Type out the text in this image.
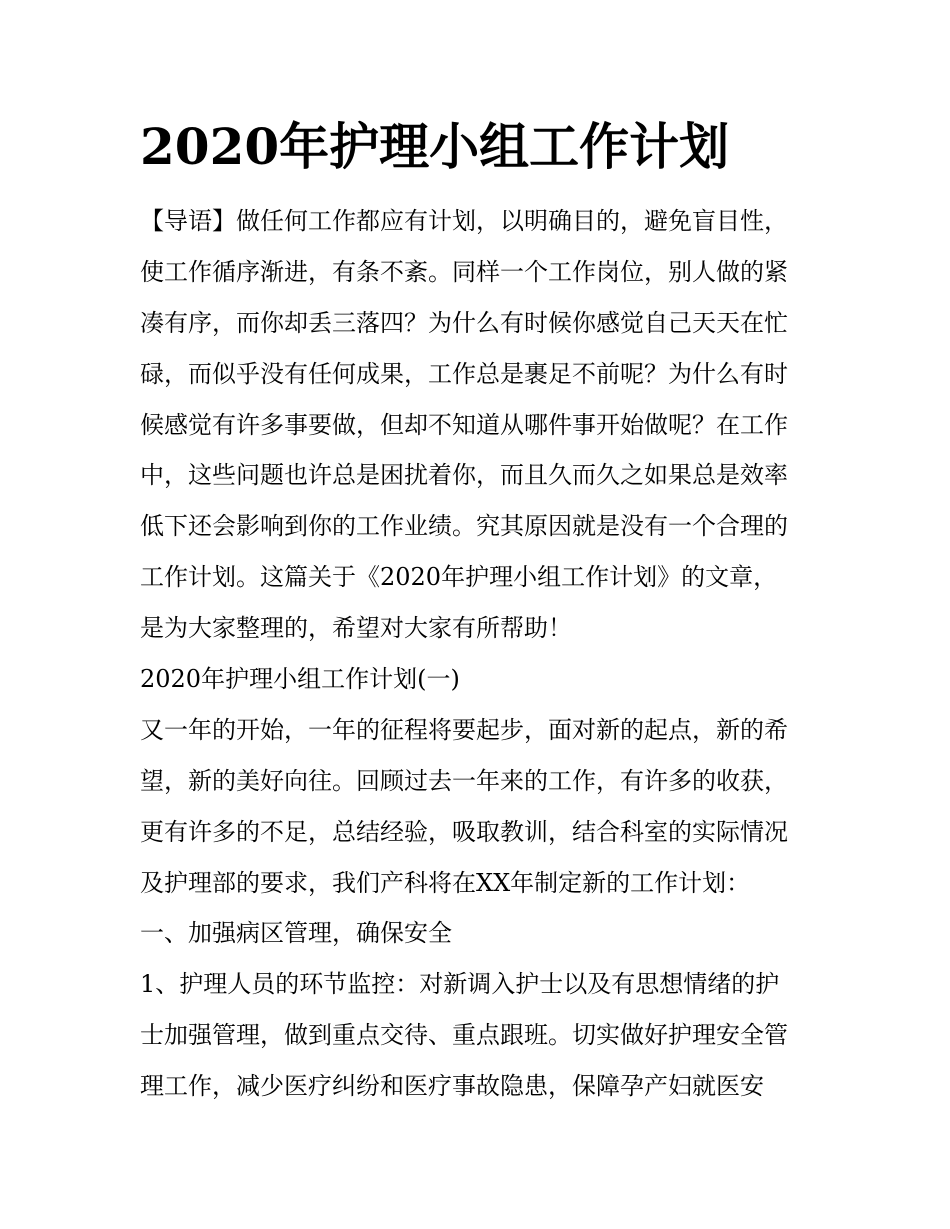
2020年护理小组工作计划
【导语】做任何工作都应有计划，以明确目的，避免盲目性，
使工作循序渐进，有条不紊。同样一个工作岗位，别人做的紧
凑有序，而你却丢三落四？为什么有时候你感觉自己天天在忙
碌，而似乎没有任何成果，工作总是裹足不前呢？为什么有时
候感觉有许多事要做，但却不知道从哪件事开始做呢？在工作
中，这些问题也许总是困扰着你，而且久而久之如果总是效率
低下还会影响到你的工作业绩。究其原因就是没有一个合理的
工作计划。这篇关于《2020年护理小组工作计划》的文章，
是为大家整理的，希望对大家有所帮助！
2020年护理小组工作计划(一)
又一年的开始，一年的征程将要起步，面对新的起点，新的希
望，新的美好向往。回顾过去一年来的工作，有许多的收获，
更有许多的不足，总结经验，吸取教训，结合科室的实际情况
及护理部的要求，我们产科将在XX年制定新的工作计划：
一、加强病区管理，确保安全
1、护理人员的环节监控：对新调入护士以及有思想情绪的护
士加强管理，做到重点交待、重点跟班。切实做好护理安全管
理工作，减少医疗纠纷和医疗事故隐患，保障孕产妇就医安
